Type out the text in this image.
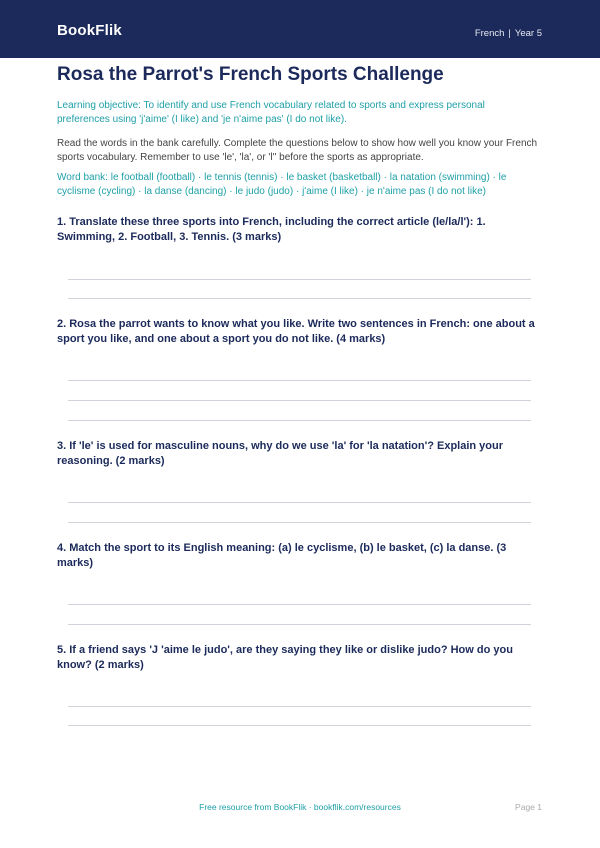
BookFlik	French | Year 5
Rosa the Parrot's French Sports Challenge

Learning objective: To identify and use French vocabulary related to sports and express personal preferences using 'j'aime' (I like) and 'je n'aime pas' (I do not like).

Read the words in the bank carefully. Complete the questions below to show how well you know your French sports vocabulary. Remember to use 'le', 'la', or 'l'' before the sports as appropriate.

Word bank: le football (football) · le tennis (tennis) · le basket (basketball) · la natation (swimming) · le cyclisme (cycling) · la danse (dancing) · le judo (judo) · j'aime (I like) · je n'aime pas (I do not like)

1. Translate these three sports into French, including the correct article (le/la/l'): 1. Swimming, 2. Football, 3. Tennis. (3 marks)

2. Rosa the parrot wants to know what you like. Write two sentences in French: one about a sport you like, and one about a sport you do not like. (4 marks)

3. If 'le' is used for masculine nouns, why do we use 'la' for 'la natation'? Explain your reasoning. (2 marks)

4. Match the sport to its English meaning: (a) le cyclisme, (b) le basket, (c) la danse. (3 marks)

5. If a friend says 'J 'aime le judo', are they saying they like or dislike judo? How do you know? (2 marks)

Free resource from BookFlik · bookflik.com/resources	Page 1
